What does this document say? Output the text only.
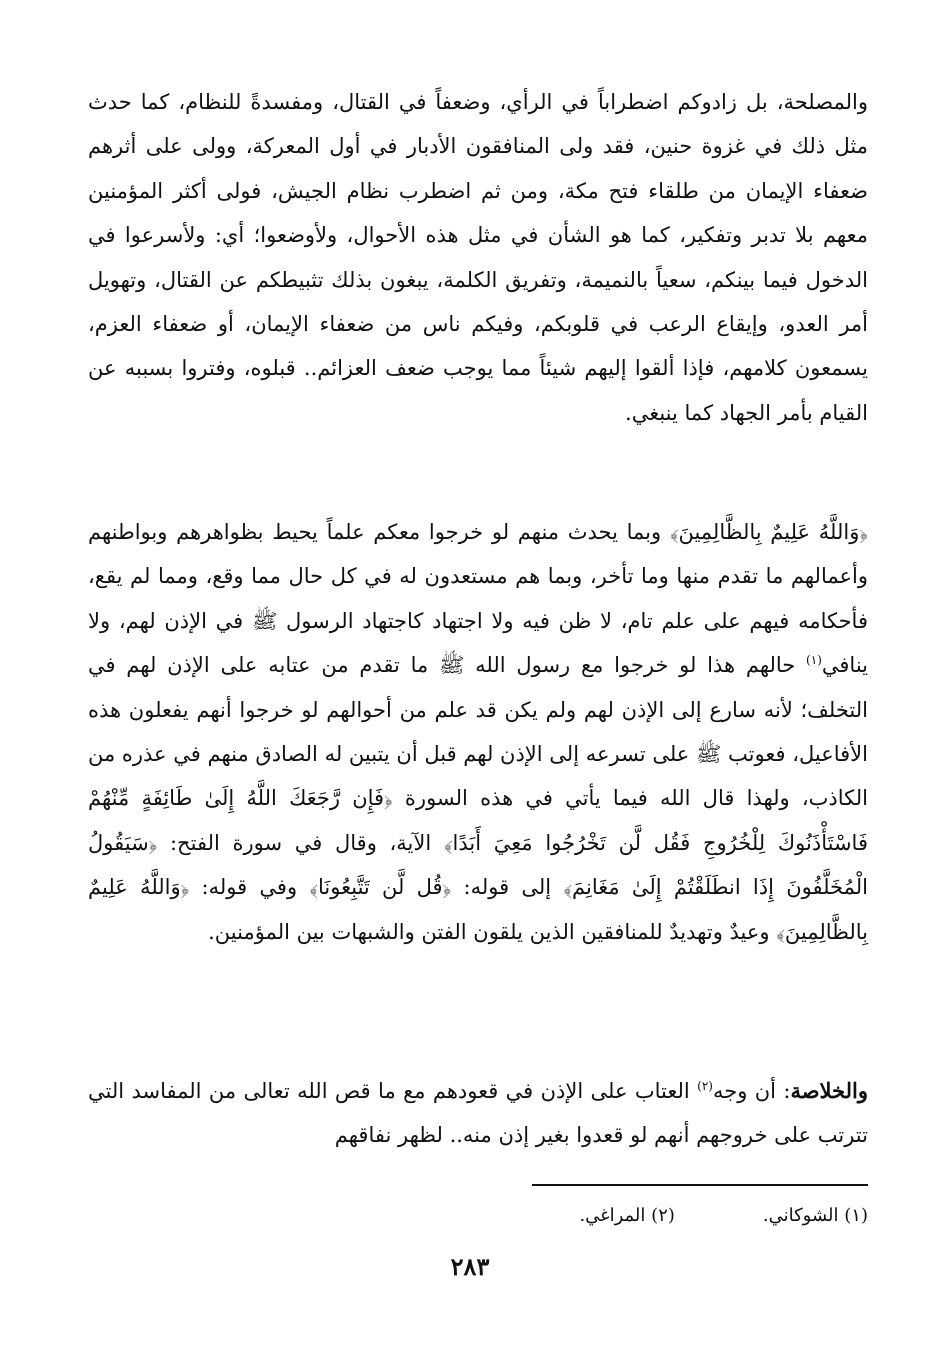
والمصلحة، بل زادوكم اضطراباً في الرأي، وضعفاً في القتال، ومفسدةً للنظام، كما حدث مثل ذلك في غزوة حنين، فقد ولى المنافقون الأدبار في أول المعركة، وولى على أثرهم ضعفاء الإيمان من طلقاء فتح مكة، ومن ثم اضطرب نظام الجيش، فولى أكثر المؤمنين معهم بلا تدبر وتفكير، كما هو الشأن في مثل هذه الأحوال، ولأوضعوا؛ أي: ولأسرعوا في الدخول فيما بينكم، سعياً بالنميمة، وتفريق الكلمة، يبغون بذلك تثبيطكم عن القتال، وتهويل أمر العدو، وإيقاع الرعب في قلوبكم، وفيكم ناس من ضعفاء الإيمان، أو ضعفاء العزم، يسمعون كلامهم، فإذا ألقوا إليهم شيئاً مما يوجب ضعف العزائم.. قبلوه، وفتروا بسببه عن القيام بأمر الجهاد كما ينبغي.

﴿وَاللَّهُ عَلِيمٌ بِالظَّالِمِينَ﴾ وبما يحدث منهم لو خرجوا معكم علماً يحيط بظواهرهم وبواطنهم وأعمالهم ما تقدم منها وما تأخر، وبما هم مستعدون له في كل حال مما وقع، ومما لم يقع، فأحكامه فيهم على علم تام، لا ظن فيه ولا اجتهاد كاجتهاد الرسول ﷺ في الإذن لهم، ولا ينافي$^{(١)}$ حالهم هذا لو خرجوا مع رسول الله ﷺ ما تقدم من عتابه على الإذن لهم في التخلف؛ لأنه سارع إلى الإذن لهم ولم يكن قد علم من أحوالهم لو خرجوا أنهم يفعلون هذه الأفاعيل، فعوتب ﷺ على تسرعه إلى الإذن لهم قبل أن يتبين له الصادق منهم في عذره من الكاذب، ولهذا قال الله فيما يأتي في هذه السورة ﴿فَإِن رَّجَعَكَ اللَّهُ إِلَىٰ طَائِفَةٍ مِّنْهُمْ فَاسْتَأْذَنُوكَ لِلْخُرُوجِ فَقُل لَّن تَخْرُجُوا مَعِيَ أَبَدًا﴾ الآية، وقال في سورة الفتح: ﴿سَيَقُولُ الْمُخَلَّفُونَ إِذَا انطَلَقْتُمْ إِلَىٰ مَغَانِمَ﴾ إلى قوله: ﴿قُل لَّن تَتَّبِعُونَا﴾ وفي قوله: ﴿وَاللَّهُ عَلِيمٌ بِالظَّالِمِينَ﴾ وعيدٌ وتهديدٌ للمنافقين الذين يلقون الفتن والشبهات بين المؤمنين.

والخلاصة: أن وجه$^{(٢)}$ العتاب على الإذن في قعودهم مع ما قص الله تعالى من المفاسد التي تترتب على خروجهم أنهم لو قعدوا بغير إذن منه.. لظهر نفاقهم

(١) الشوكاني.
(٢) المراغي.
٢٨٣
